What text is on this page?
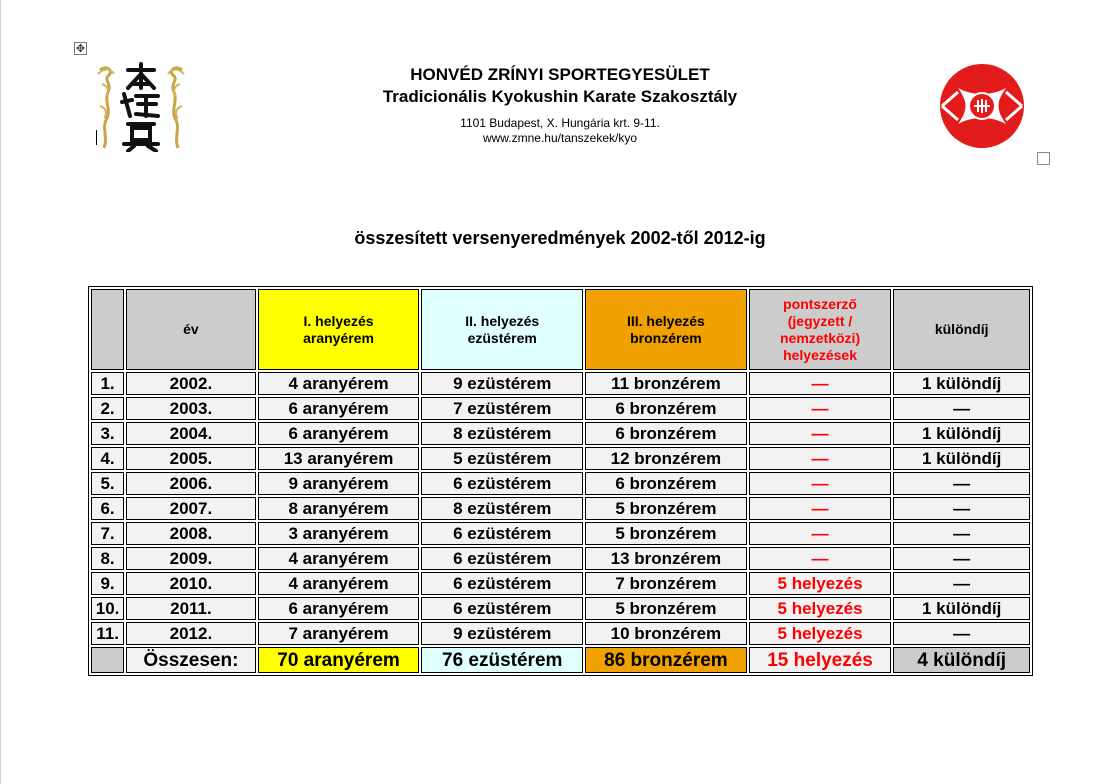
✥
HONVÉD ZRÍNYI SPORTEGYESÜLET
Tradicionális Kyokushin Karate Szakosztály
1101 Budapest, X. Hungária krt. 9-11.
www.zmne.hu/tanszekek/kyo
összesített versenyeredmények 2002-től 2012-ig
	év	I. helyezés aranyérem	II. helyezés ezüstérem	III. helyezés bronzérem	pontszerző (jegyzett / nemzetközi) helyezések	különdíj
1.	2002.	4 aranyérem	9 ezüstérem	11 bronzérem	—	1 különdíj
2.	2003.	6 aranyérem	7 ezüstérem	6 bronzérem	—	—
3.	2004.	6 aranyérem	8 ezüstérem	6 bronzérem	—	1 különdíj
4.	2005.	13 aranyérem	5 ezüstérem	12 bronzérem	—	1 különdíj
5.	2006.	9 aranyérem	6 ezüstérem	6 bronzérem	—	—
6.	2007.	8 aranyérem	8 ezüstérem	5 bronzérem	—	—
7.	2008.	3 aranyérem	6 ezüstérem	5 bronzérem	—	—
8.	2009.	4 aranyérem	6 ezüstérem	13 bronzérem	—	—
9.	2010.	4 aranyérem	6 ezüstérem	7 bronzérem	5 helyezés	—
10.	2011.	6 aranyérem	6 ezüstérem	5 bronzérem	5 helyezés	1 különdíj
11.	2012.	7 aranyérem	9 ezüstérem	10 bronzérem	5 helyezés	—
	Összesen:	70 aranyérem	76 ezüstérem	86 bronzérem	15 helyezés	4 különdíj
